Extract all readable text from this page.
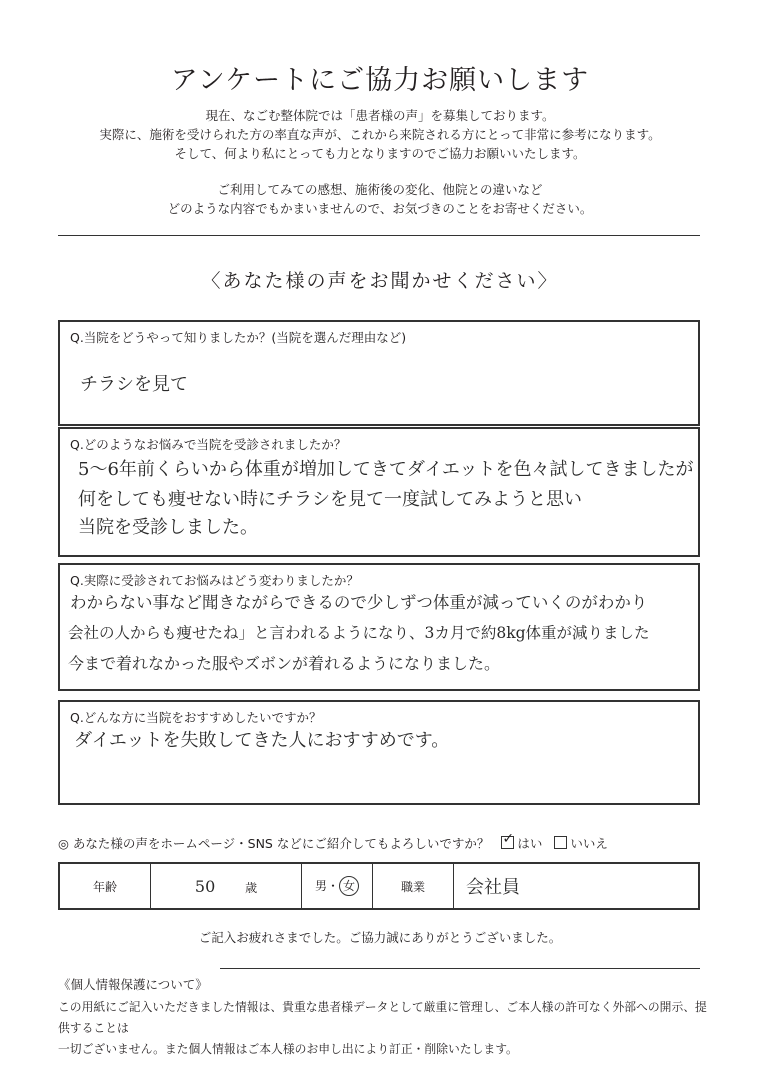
アンケートにご協力お願いします
現在、なごむ整体院では「患者様の声」を募集しております。
実際に、施術を受けられた方の率直な声が、これから来院される方にとって非常に参考になります。
そして、何より私にとっても力となりますのでご協力お願いいたします。
ご利用してみての感想、施術後の変化、他院との違いなど
どのような内容でもかまいませんので、お気づきのことをお寄せください。
〈あなた様の声をお聞かせください〉
Q.当院をどうやって知りましたか？(当院を選んだ理由など)
チラシを見て
Q.どのようなお悩みで当院を受診されましたか？
5～6年前くらいから体重が増加してきてダイエットを色々試してきましたが
何をしても痩せない時にチラシを見て一度試してみようと思い
当院を受診しました。
Q.実際に受診されてお悩みはどう変わりましたか？
わからない事など聞きながらできるので少しずつ体重が減っていくのがわかり
会社の人からも痩せたね」と言われるようになり、3カ月で約8kg体重が減りました
今まで着れなかった服やズボンが着れるようになりました。
Q.どんな方に当院をおすすめしたいですか？
ダイエットを失敗してきた人におすすめです。
◎ あなた様の声をホームページ・SNS などにご紹介してもよろしいですか？ ✓ はい いいえ
年齢	50 歳	男・ 女	職業	会社員
ご記入お疲れさまでした。ご協力誠にありがとうございました。
《個人情報保護について》
この用紙にご記入いただきました情報は、貴重な患者様データとして厳重に管理し、ご本人様の許可なく外部への開示、提供することは
一切ございません。また個人情報はご本人様のお申し出により訂正・削除いたします。
